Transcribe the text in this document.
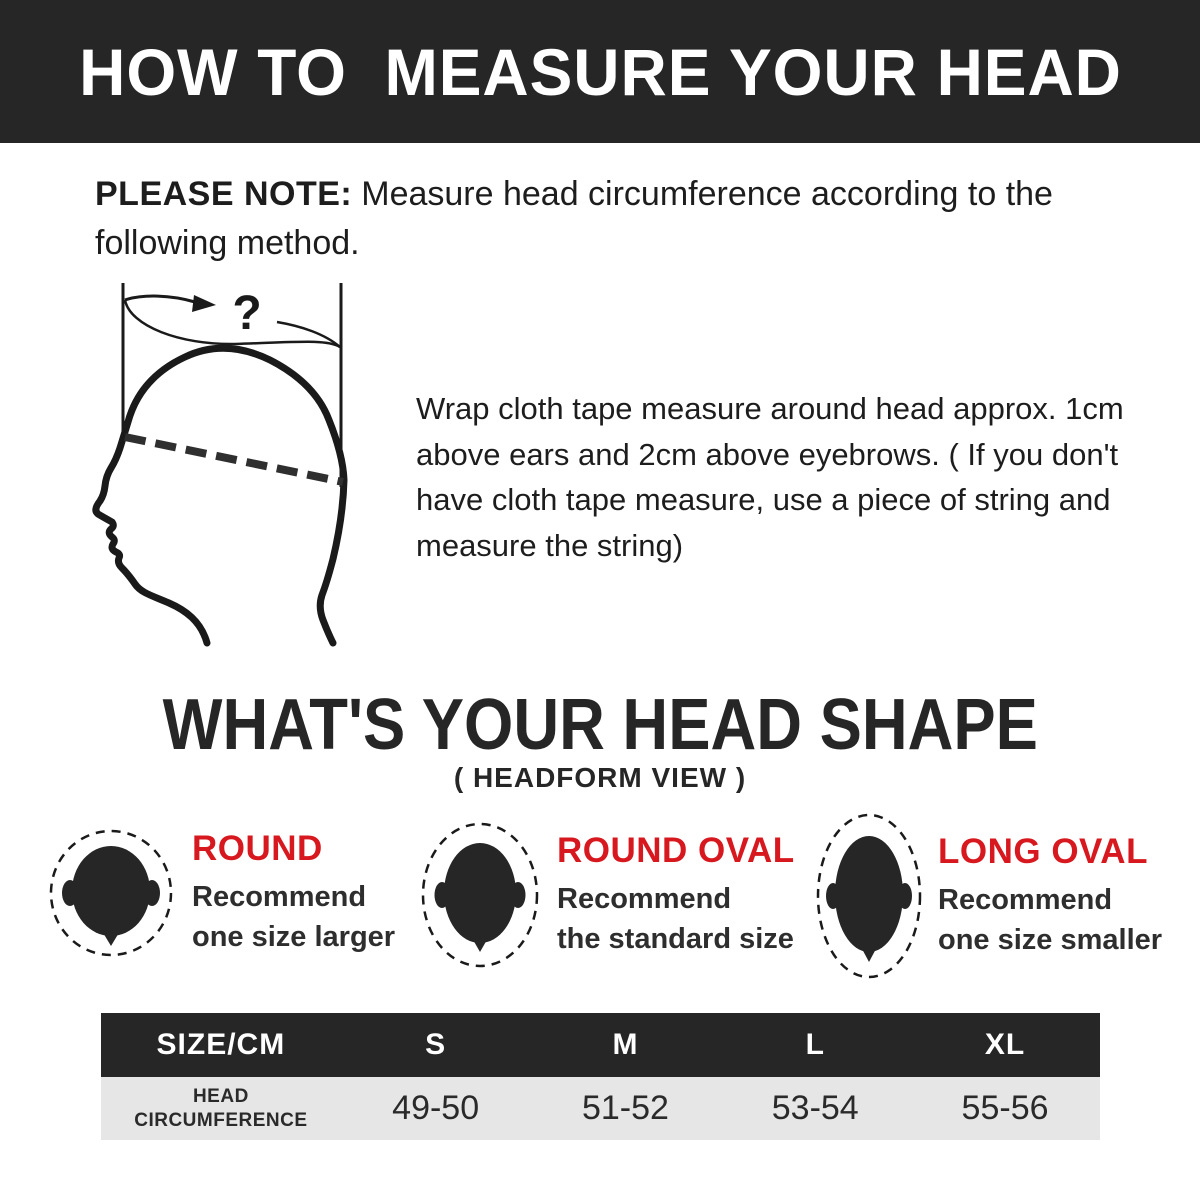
HOW TO  MEASURE YOUR HEAD

PLEASE NOTE: Measure head circumference according to the following method.

?

Wrap cloth tape measure around head approx. 1cm above ears and 2cm above eyebrows. ( If you don't have cloth tape measure, use a piece of string and measure the string)

WHAT'S YOUR HEAD SHAPE
( HEADFORM VIEW )
ROUND
Recommend
one size larger
ROUND OVAL
Recommend
the standard size
LONG OVAL
Recommend
one size smaller
SIZE/CM	S	M	L	XL
HEAD
CIRCUMFERENCE	49-50	51-52	53-54	55-56
